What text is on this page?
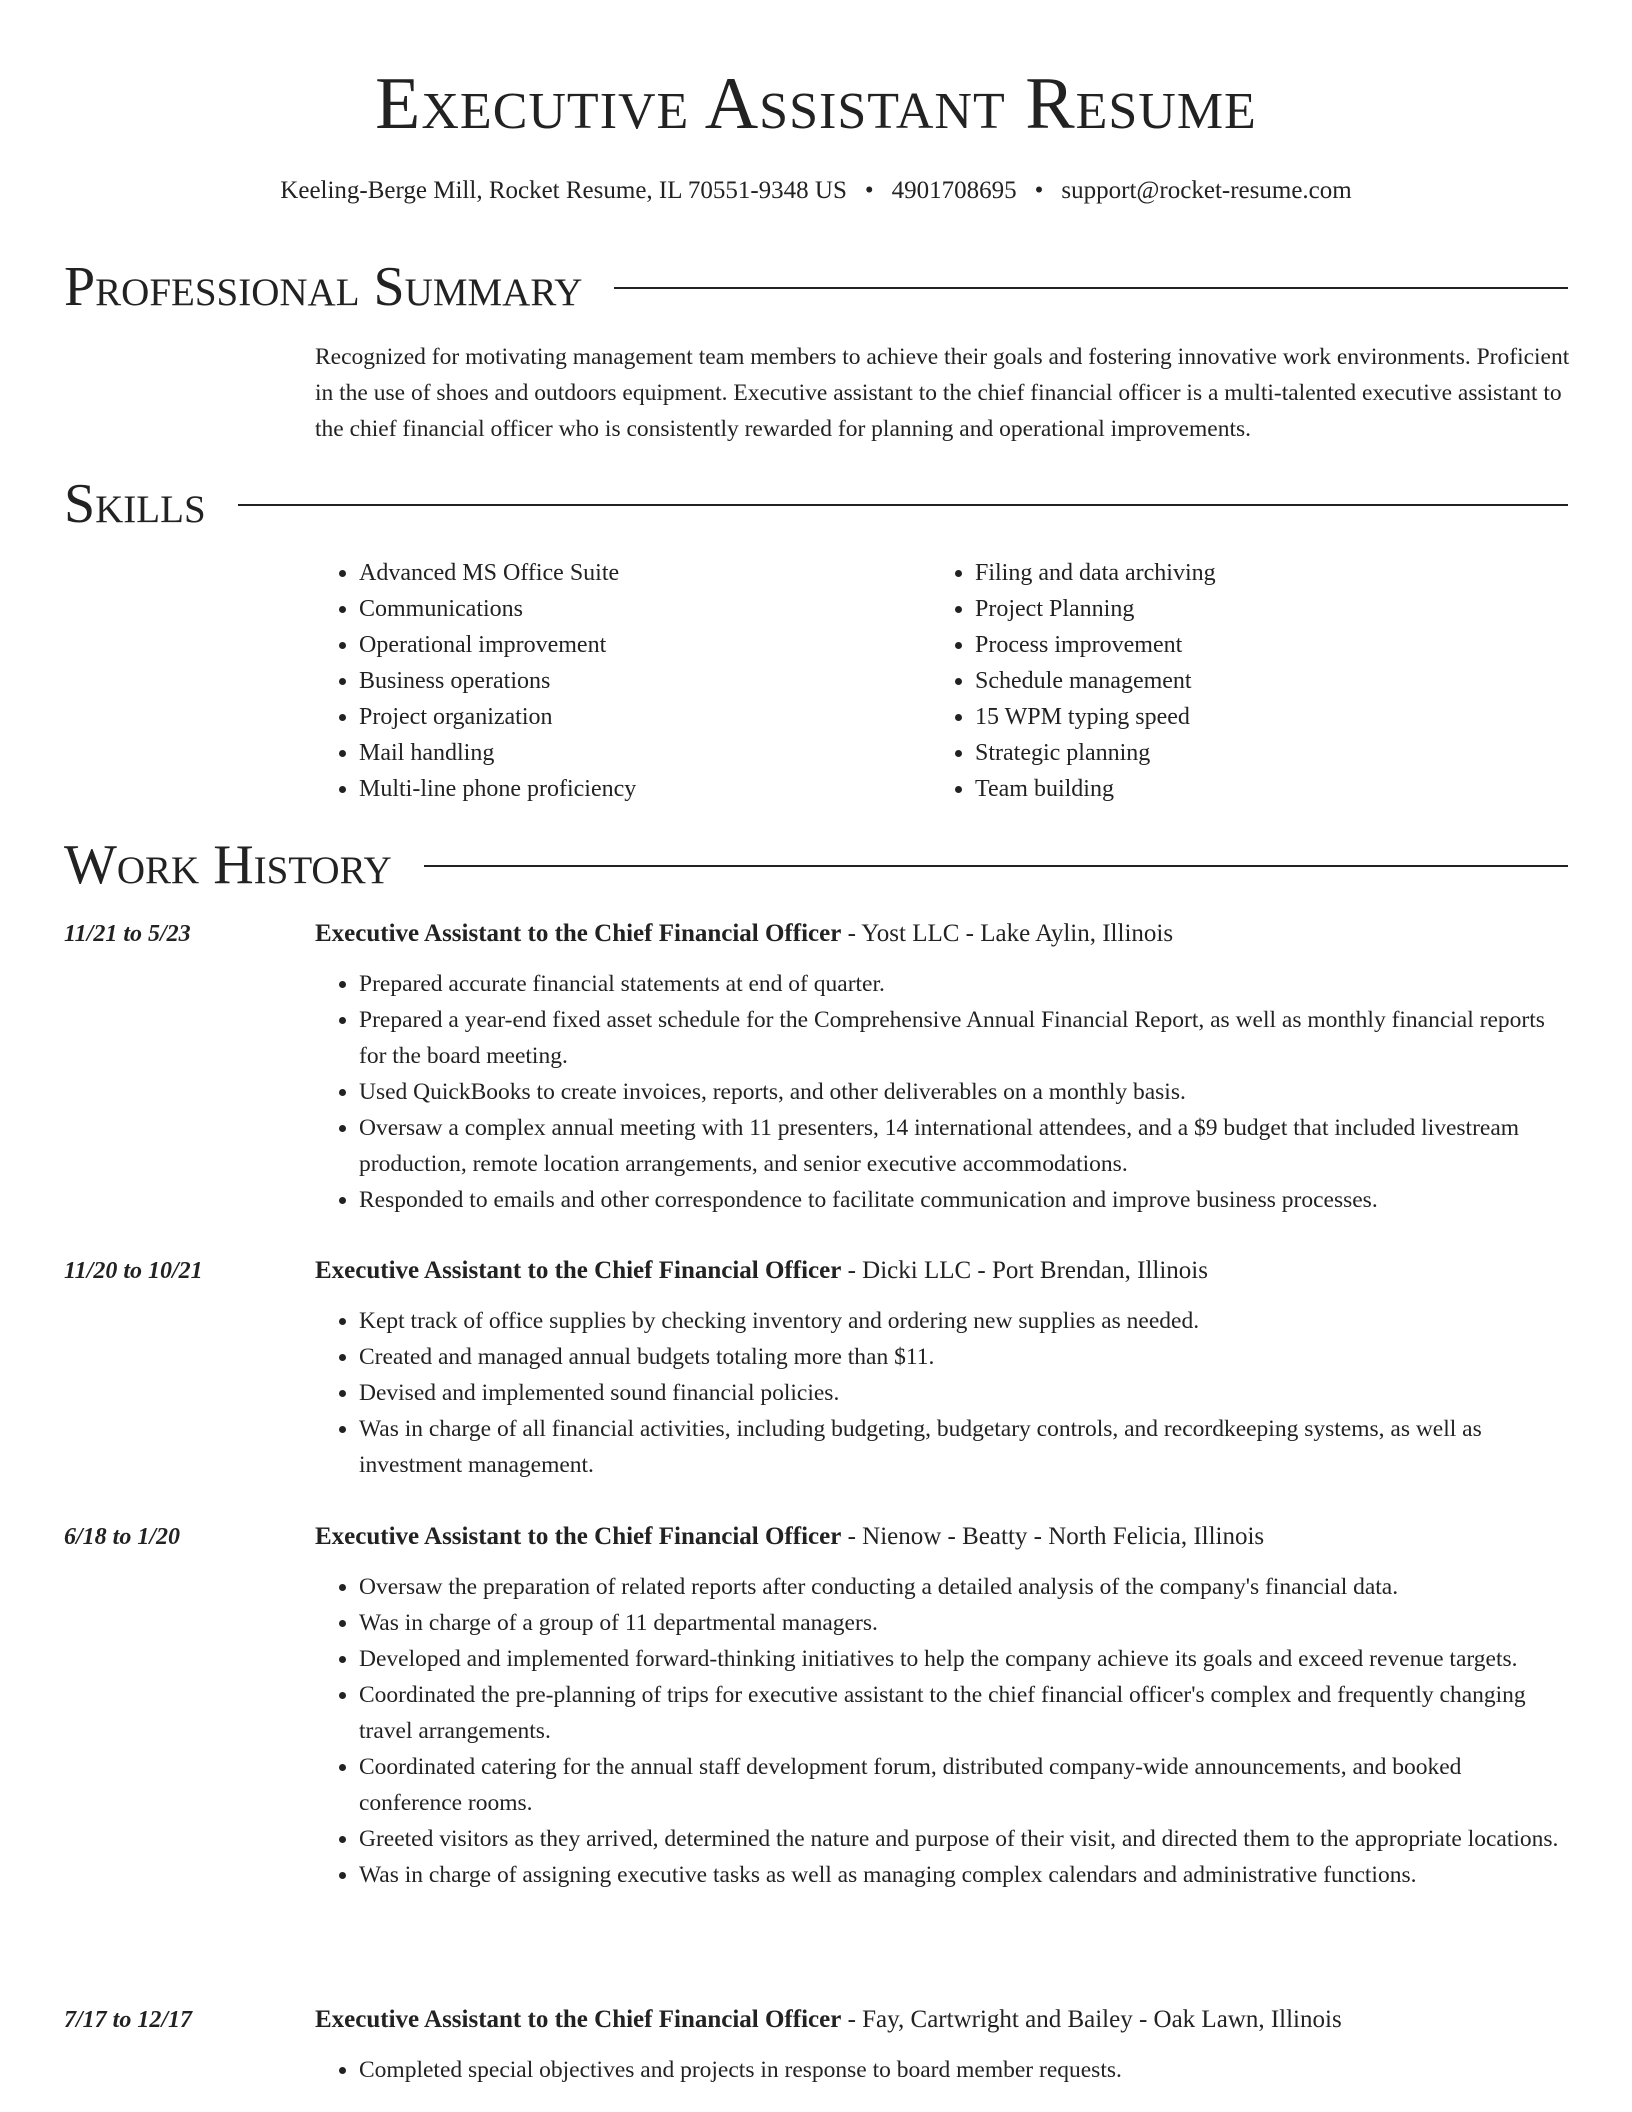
Executive Assistant Resume
Keeling-Berge Mill, Rocket Resume, IL 70551-9348 US • 4901708695 • support@rocket-resume.com
Professional Summary

Recognized for motivating management team members to achieve their goals and fostering innovative work environments. Proficient in the use of shoes and outdoors equipment. Executive assistant to the chief financial officer is a multi-talented executive assistant to the chief financial officer who is consistently rewarded for planning and operational improvements.

Skills
• Advanced MS Office Suite
• Communications
• Operational improvement
• Business operations
• Project organization
• Mail handling
• Multi-line phone proficiency
• Filing and data archiving
• Project Planning
• Process improvement
• Schedule management
• 15 WPM typing speed
• Strategic planning
• Team building
Work History
11/21 to 5/23	Executive Assistant to the Chief Financial Officer - Yost LLC - Lake Aylin, Illinois
• Prepared accurate financial statements at end of quarter.
• Prepared a year-end fixed asset schedule for the Comprehensive Annual Financial Report, as well as monthly financial reports for the board meeting.
• Used QuickBooks to create invoices, reports, and other deliverables on a monthly basis.
• Oversaw a complex annual meeting with 11 presenters, 14 international attendees, and a $9 budget that included livestream production, remote location arrangements, and senior executive accommodations.
• Responded to emails and other correspondence to facilitate communication and improve business processes.
11/20 to 10/21	Executive Assistant to the Chief Financial Officer - Dicki LLC - Port Brendan, Illinois
• Kept track of office supplies by checking inventory and ordering new supplies as needed.
• Created and managed annual budgets totaling more than $11.
• Devised and implemented sound financial policies.
• Was in charge of all financial activities, including budgeting, budgetary controls, and recordkeeping systems, as well as investment management.
6/18 to 1/20	Executive Assistant to the Chief Financial Officer - Nienow - Beatty - North Felicia, Illinois
• Oversaw the preparation of related reports after conducting a detailed analysis of the company's financial data.
• Was in charge of a group of 11 departmental managers.
• Developed and implemented forward-thinking initiatives to help the company achieve its goals and exceed revenue targets.
• Coordinated the pre-planning of trips for executive assistant to the chief financial officer's complex and frequently changing travel arrangements.
• Coordinated catering for the annual staff development forum, distributed company-wide announcements, and booked conference rooms.
• Greeted visitors as they arrived, determined the nature and purpose of their visit, and directed them to the appropriate locations.
• Was in charge of assigning executive tasks as well as managing complex calendars and administrative functions.
7/17 to 12/17	Executive Assistant to the Chief Financial Officer - Fay, Cartwright and Bailey - Oak Lawn, Illinois
• Completed special objectives and projects in response to board member requests.
